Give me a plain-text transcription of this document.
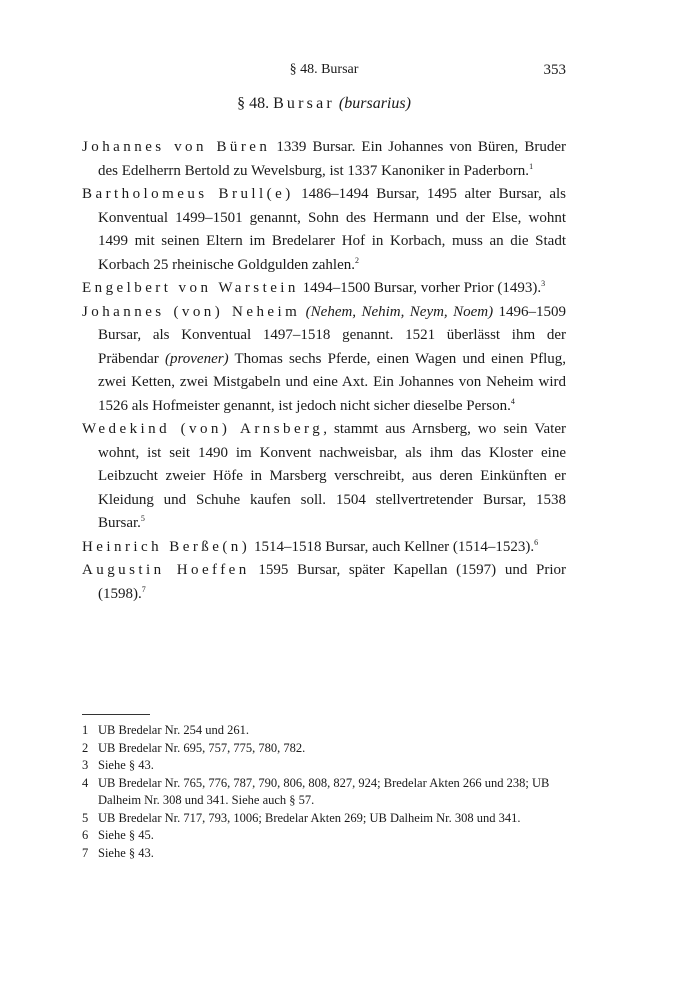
§ 48. Bursar	353
§ 48. Bursar (bursarius)

Johannes von Büren 1339 Bursar. Ein Johannes von Büren, Bruder des Edelherrn Bertold zu Wevelsburg, ist 1337 Kanoniker in Paderborn.$^1$

Bartholomeus Brull(e) 1486–1494 Bursar, 1495 alter Bursar, als Konventual 1499–1501 genannt, Sohn des Hermann und der Else, wohnt 1499 mit seinen Eltern im Bredelarer Hof in Korbach, muss an die Stadt Korbach 25 rheinische Goldgulden zahlen.$^2$

Engelbert von Warstein 1494–1500 Bursar, vorher Prior (1493).$^3$

Johannes (von) Neheim (Nehem, Nehim, Neym, Noem) 1496–1509 Bursar, als Konventual 1497–1518 genannt. 1521 überlässt ihm der Präbendar (provener) Thomas sechs Pferde, einen Wagen und einen Pflug, zwei Ketten, zwei Mistgabeln und eine Axt. Ein Johannes von Neheim wird 1526 als Hofmeister genannt, ist jedoch nicht sicher dieselbe Person.$^4$

Wedekind (von) Arnsberg, stammt aus Arnsberg, wo sein Vater wohnt, ist seit 1490 im Konvent nachweisbar, als ihm das Kloster eine Leibzucht zweier Höfe in Marsberg verschreibt, aus deren Einkünften er Kleidung und Schuhe kaufen soll. 1504 stellvertretender Bursar, 1538 Bursar.$^5$

Heinrich Berße(n) 1514–1518 Bursar, auch Kellner (1514–1523).$^6$

Augustin Hoeffen 1595 Bursar, später Kapellan (1597) und Prior (1598).$^7$

1 UB Bredelar Nr. 254 und 261.

2 UB Bredelar Nr. 695, 757, 775, 780, 782.

3 Siehe § 43.

4 UB Bredelar Nr. 765, 776, 787, 790, 806, 808, 827, 924; Bredelar Akten 266 und 238; UB Dalheim Nr. 308 und 341. Siehe auch § 57.

5 UB Bredelar Nr. 717, 793, 1006; Bredelar Akten 269; UB Dalheim Nr. 308 und 341.

6 Siehe § 45.

7 Siehe § 43.
